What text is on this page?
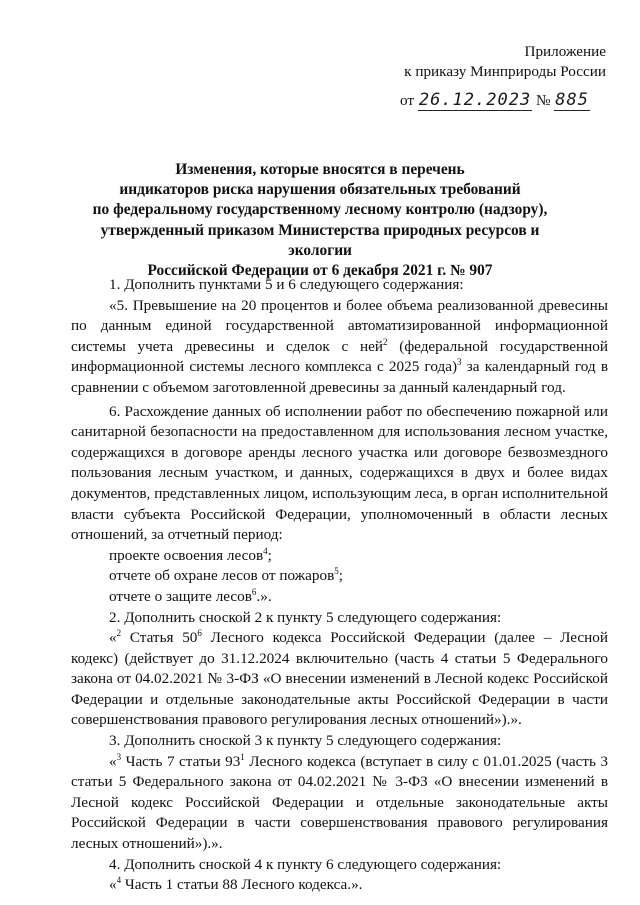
Приложение
к приказу Минприроды России
от 26.12.2023 № 885
Изменения, которые вносятся в перечень
индикаторов риска нарушения обязательных требований
по федеральному государственному лесному контролю (надзору),
утвержденный приказом Министерства природных ресурсов и экологии
Российской Федерации от 6 декабря 2021 г. № 907

1. Дополнить пунктами 5 и 6 следующего содержания:

«5. Превышение на 20 процентов и более объема реализованной древесины по данным единой государственной автоматизированной информационной системы учета древесины и сделок с ней$^2$ (федеральной государственной информационной системы лесного комплекса с 2025 года)$^3$ за календарный год в сравнении с объемом заготовленной древесины за данный календарный год.

6. Расхождение данных об исполнении работ по обеспечению пожарной или санитарной безопасности на предоставленном для использования лесном участке, содержащихся в договоре аренды лесного участка или договоре безвозмездного пользования лесным участком, и данных, содержащихся в двух и более видах документов, представленных лицом, использующим леса, в орган исполнительной власти субъекта Российской Федерации, уполномоченный в области лесных отношений, за отчетный период:

проекте освоения лесов$^4$;

отчете об охране лесов от пожаров$^5$;

отчете о защите лесов$^6$.».

2. Дополнить сноской 2 к пункту 5 следующего содержания:

«$^2$ Статья $50^6$ Лесного кодекса Российской Федерации (далее – Лесной кодекс) (действует до 31.12.2024 включительно (часть 4 статьи 5 Федерального закона от 04.02.2021 № 3-ФЗ «О внесении изменений в Лесной кодекс Российской Федерации и отдельные законодательные акты Российской Федерации в части совершенствования правового регулирования лесных отношений»).».

3. Дополнить сноской 3 к пункту 5 следующего содержания:

«$^3$ Часть 7 статьи $93^1$ Лесного кодекса (вступает в силу с 01.01.2025 (часть 3 статьи 5 Федерального закона от 04.02.2021 № 3-ФЗ «О внесении изменений в Лесной кодекс Российской Федерации и отдельные законодательные акты Российской Федерации в части совершенствования правового регулирования лесных отношений»).».

4. Дополнить сноской 4 к пункту 6 следующего содержания:

«$^4$ Часть 1 статьи 88 Лесного кодекса.».
